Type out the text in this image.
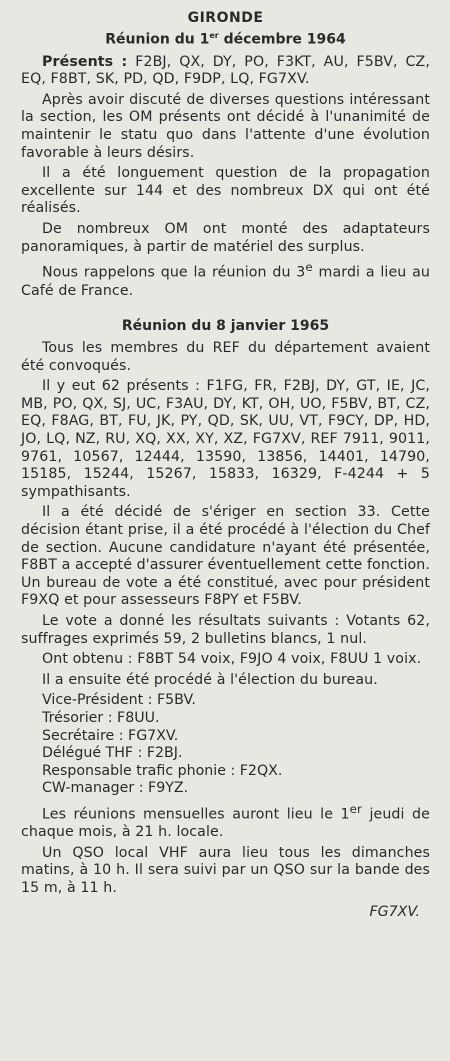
GIRONDE
Réunion du 1er décembre 1964

Présents : F2BJ, QX, DY, PO, F3KT, AU, F5BV, CZ, EQ, F8BT, SK, PD, QD, F9DP, LQ, FG7XV.

Après avoir discuté de diverses questions intéressant la section, les OM présents ont décidé à l'unanimité de maintenir le statu quo dans l'attente d'une évolution favorable à leurs désirs.

Il a été longuement question de la propagation excellente sur 144 et des nombreux DX qui ont été réalisés.

De nombreux OM ont monté des adaptateurs panoramiques, à partir de matériel des surplus.

Nous rappelons que la réunion du 3e mardi a lieu au Café de France.

Réunion du 8 janvier 1965

Tous les membres du REF du département avaient été convoqués.

Il y eut 62 présents : F1FG, FR, F2BJ, DY, GT, IE, JC, MB, PO, QX, SJ, UC, F3AU, DY, KT, OH, UO, F5BV, BT, CZ, EQ, F8AG, BT, FU, JK, PY, QD, SK, UU, VT, F9CY, DP, HD, JO, LQ, NZ, RU, XQ, XX, XY, XZ, FG7XV, REF 7911, 9011, 9761, 10567, 12444, 13590, 13856, 14401, 14790, 15185, 15244, 15267, 15833, 16329, F-4244 + 5 sympathisants.

Il a été décidé de s'ériger en section 33. Cette décision étant prise, il a été procédé à l'élection du Chef de section. Aucune candidature n'ayant été présentée, F8BT a accepté d'assurer éventuellement cette fonction. Un bureau de vote a été constitué, avec pour président F9XQ et pour assesseurs F8PY et F5BV.

Le vote a donné les résultats suivants : Votants 62, suffrages exprimés 59, 2 bulletins blancs, 1 nul.

Ont obtenu : F8BT 54 voix, F9JO 4 voix, F8UU 1 voix.

Il a ensuite été procédé à l'élection du bureau.

Vice-Président : F5BV.
Trésorier : F8UU.
Secrétaire : FG7XV.
Délégué THF : F2BJ.
Responsable trafic phonie : F2QX.
CW-manager : F9YZ.

Les réunions mensuelles auront lieu le 1er jeudi de chaque mois, à 21 h. locale.

Un QSO local VHF aura lieu tous les dimanches matins, à 10 h. Il sera suivi par un QSO sur la bande des 15 m, à 11 h.

FG7XV.
